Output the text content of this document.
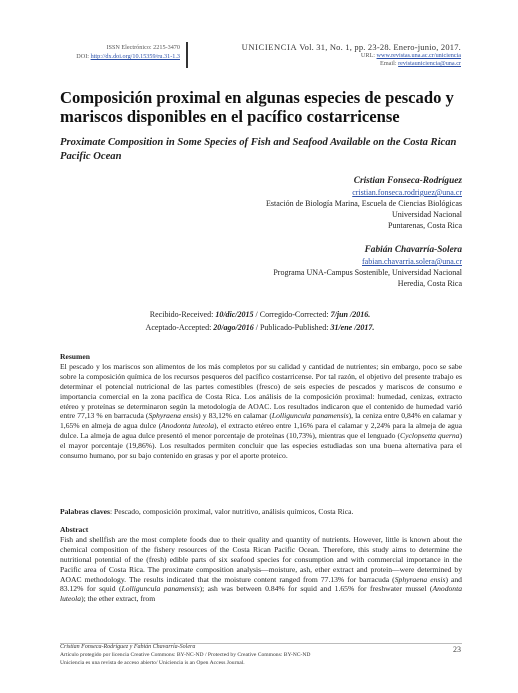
ISSN Electrónico: 2215-3470
DOI: http://dx.doi.org/10.15359/ru.31-1.3
UNICIENCIA Vol. 31, No. 1, pp. 23-28. Enero-junio, 2017.
URL: www.revistas.una.ac.cr/uniciencia
Email: revistauniciencia@una.cr
Composición proximal en algunas especies de pescado y mariscos disponibles en el pacífico costarricense
Proximate Composition in Some Species of Fish and Seafood Available on the Costa Rican Pacific Ocean
Cristian Fonseca-Rodríguez
cristian.fonseca.rodriguez@una.cr
Estación de Biología Marina, Escuela de Ciencias Biológicas
Universidad Nacional
Puntarenas, Costa Rica
Fabián Chavarría-Solera
fabian.chavarria.solera@una.cr
Programa UNA-Campus Sostenible, Universidad Nacional
Heredia, Costa Rica
Recibido-Received: 10/dic/2015 / Corregido-Corrected: 7/jun /2016.
Aceptado-Accepted: 20/ago/2016 / Publicado-Published: 31/ene /2017.
Resumen
El pescado y los mariscos son alimentos de los más completos por su calidad y cantidad de nutrientes; sin embargo, poco se sabe sobre la composición química de los recursos pesqueros del pacífico costarricense. Por tal razón, el objetivo del presente trabajo es determinar el potencial nutricional de las partes comestibles (fresco) de seis especies de pescados y mariscos de consumo e importancia comercial en la zona pacífica de Costa Rica. Los análisis de la composición proximal: humedad, cenizas, extracto etéreo y proteínas se determinaron según la metodología de AOAC. Los resultados indicaron que el contenido de humedad varió entre 77,13 % en barracuda (Sphyraena ensis) y 83,12% en calamar (Lolliguncula panamensis), la ceniza entre 0,84% en calamar y 1,65% en almeja de agua dulce (Anodonta luteola), el extracto etéreo entre 1,16% para el calamar y 2,24% para la almeja de agua dulce. La almeja de agua dulce presentó el menor porcentaje de proteínas (10,73%), mientras que el lenguado (Cyclopsetta querna) el mayor porcentaje (19,86%). Los resultados permiten concluir que las especies estudiadas son una buena alternativa para el consumo humano, por su bajo contenido en grasas y por el aporte proteico.
Palabras claves: Pescado, composición proximal, valor nutritivo, análisis químicos, Costa Rica.
Abstract
Fish and shellfish are the most complete foods due to their quality and quantity of nutrients. However, little is known about the chemical composition of the fishery resources of the Costa Rican Pacific Ocean. Therefore, this study aims to determine the nutritional potential of the (fresh) edible parts of six seafood species for consumption and with commercial importance in the Pacific area of Costa Rica. The proximate composition analysis—moisture, ash, ether extract and protein—were determined by AOAC methodology. The results indicated that the moisture content ranged from 77.13% for barracuda (Sphyraena ensis) and 83.12% for squid (Lolliguncula panamensis); ash was between 0.84% for squid and 1.65% for freshwater mussel (Anodonta luteola); the ether extract, from
Cristian Fonseca-Rodríguez y Fabián Chavarría-Solera
Artículo protegido por licencia Creative Commons: BY-NC-ND / Protected by Creative Commons: BY-NC-ND
Uniciencia es una revista de acceso abierto/ Uniciencia is an Open Access Journal.
23
